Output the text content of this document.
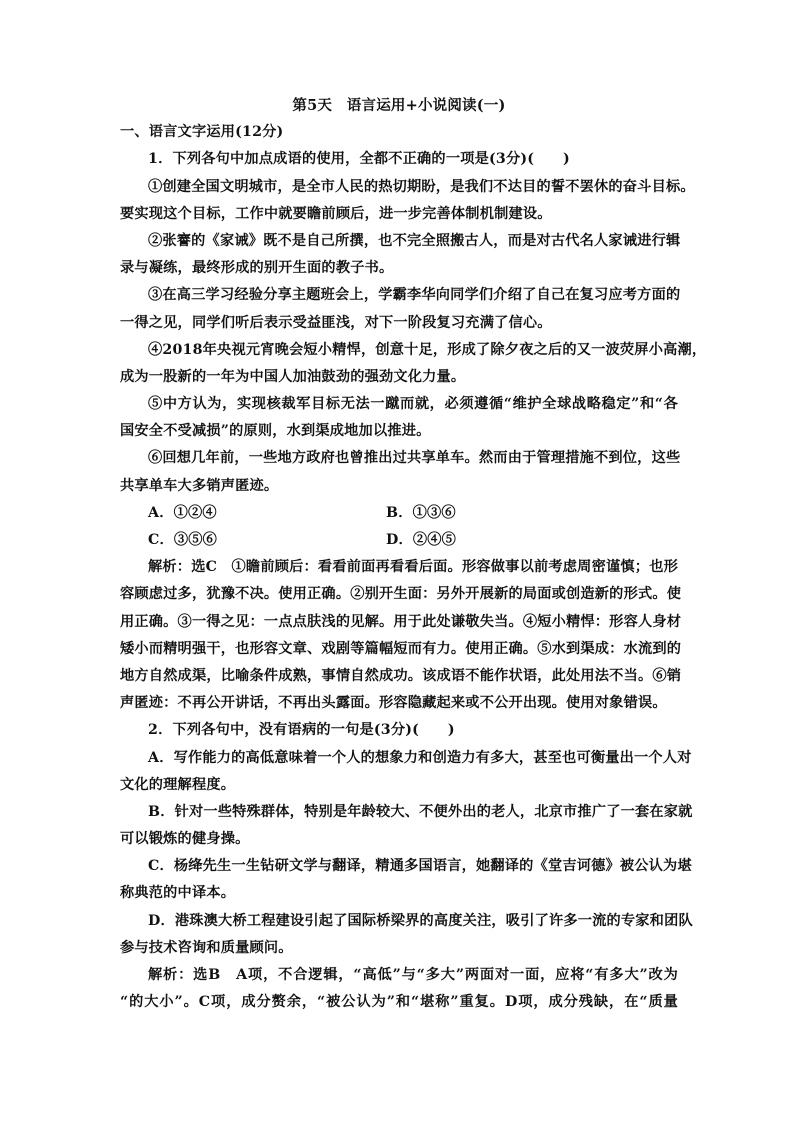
第5天　语言运用+小说阅读(一)
一、语言文字运用(12分)
1．下列各句中加点成语的使用，全都不正确的一项是(3分)(　　)
①创建全国文明城市，是全市人民的热切期盼，是我们不达目的誓不罢休的奋斗目标。
要实现这个目标，工作中就要瞻前顾后，进一步完善体制机制建设。
②张謇的《家诫》既不是自己所撰，也不完全照搬古人，而是对古代名人家诫进行辑
录与凝练，最终形成的别开生面的教子书。
③在高三学习经验分享主题班会上，学霸李华向同学们介绍了自己在复习应考方面的
一得之见，同学们听后表示受益匪浅，对下一阶段复习充满了信心。
④2018年央视元宵晚会短小精悍，创意十足，形成了除夕夜之后的又一波荧屏小高潮，
成为一股新的一年为中国人加油鼓劲的强劲文化力量。
⑤中方认为，实现核裁军目标无法一蹴而就，必须遵循“维护全球战略稳定”和“各
国安全不受减损”的原则，水到渠成地加以推进。
⑥回想几年前，一些地方政府也曾推出过共享单车。然而由于管理措施不到位，这些
共享单车大多销声匿迹。
A．①②④	B．①③⑥
C．③⑤⑥	D．②④⑤
解析：选C　①瞻前顾后：看看前面再看看后面。形容做事以前考虑周密谨慎；也形
容顾虑过多，犹豫不决。使用正确。②别开生面：另外开展新的局面或创造新的形式。使
用正确。③一得之见：一点点肤浅的见解。用于此处谦敬失当。④短小精悍：形容人身材
矮小而精明强干，也形容文章、戏剧等篇幅短而有力。使用正确。⑤水到渠成：水流到的
地方自然成渠，比喻条件成熟，事情自然成功。该成语不能作状语，此处用法不当。⑥销
声匿迹：不再公开讲话，不再出头露面。形容隐藏起来或不公开出现。使用对象错误。
2．下列各句中，没有语病的一句是(3分)(　　)
A．写作能力的高低意味着一个人的想象力和创造力有多大，甚至也可衡量出一个人对
文化的理解程度。
B．针对一些特殊群体，特别是年龄较大、不便外出的老人，北京市推广了一套在家就
可以锻炼的健身操。
C．杨绛先生一生钻研文学与翻译，精通多国语言，她翻译的《堂吉诃德》被公认为堪
称典范的中译本。
D．港珠澳大桥工程建设引起了国际桥梁界的高度关注，吸引了许多一流的专家和团队
参与技术咨询和质量顾问。
解析：选B　A项，不合逻辑，“高低”与“多大”两面对一面，应将“有多大”改为
“的大小”。C项，成分赘余，“被公认为”和“堪称”重复。D项，成分残缺，在“质量
